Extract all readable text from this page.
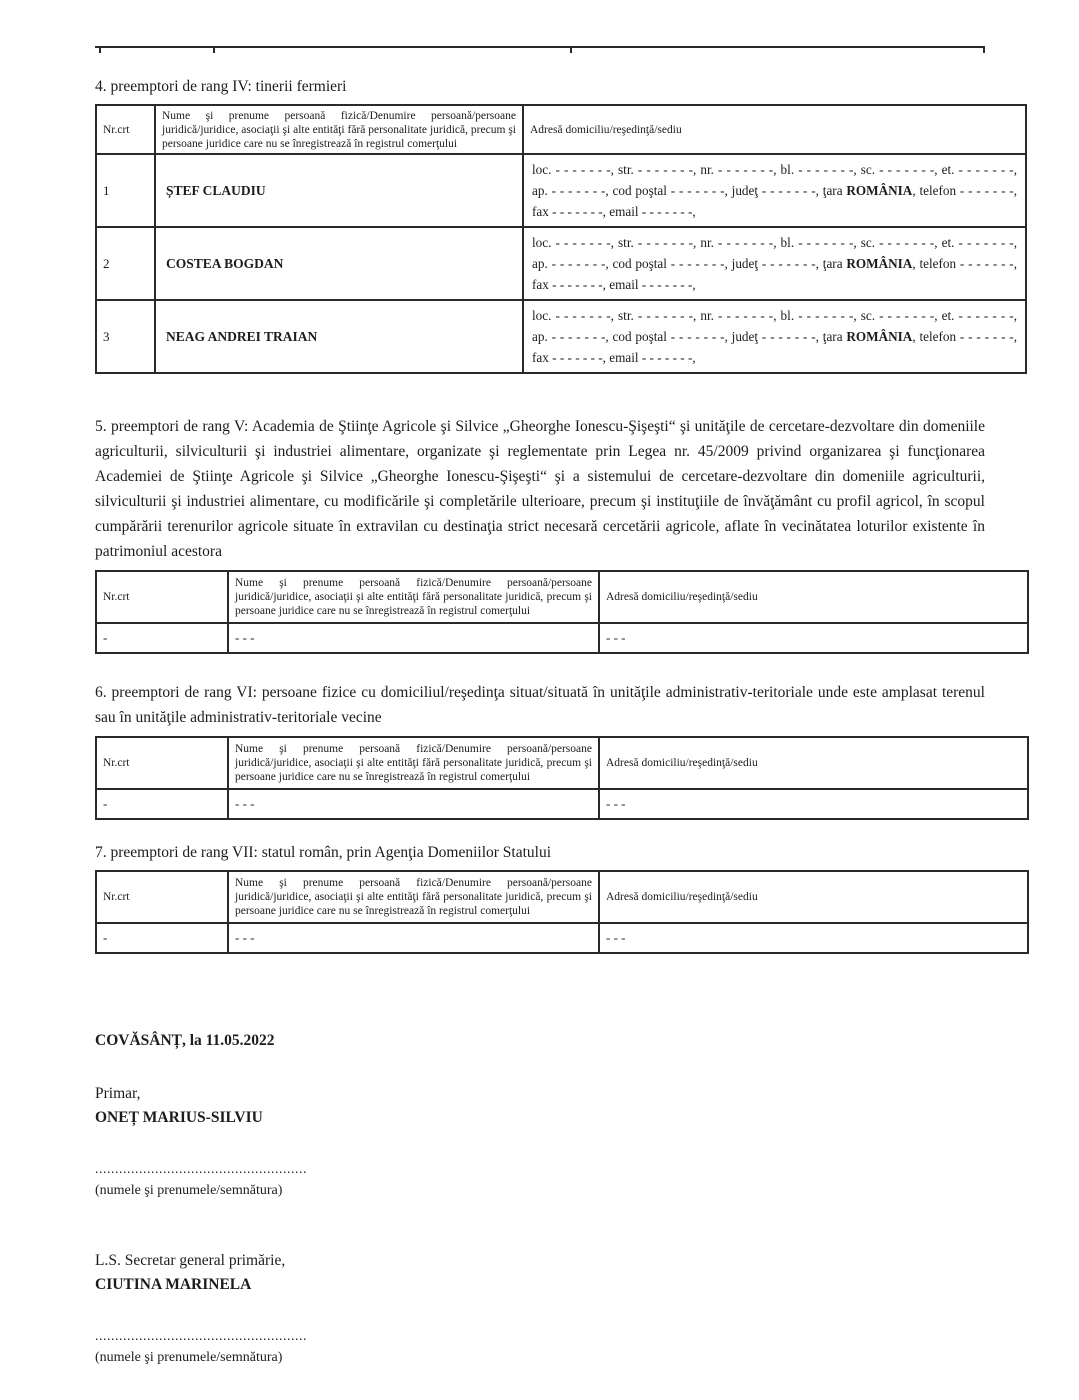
4. preemptori de rang IV: tinerii fermieri

Nr.crt	Nume şi prenume persoană fizică/Denumire persoană/persoane juridică/juridice, asociaţii şi alte entităţi fără personalitate juridică, precum şi persoane juridice care nu se înregistrează în registrul comerţului	Adresă domiciliu/reşedinţă/sediu
1	ȘTEF CLAUDIU	loc. - - - - - - -, str. - - - - - - -, nr. - - - - - - -, bl. - - - - - - -, sc. - - - - - - -, et. - - - - - - -,
ap. - - - - - - -, cod poştal - - - - - - -, judeţ - - - - - - -, ţara ROMÂNIA, telefon - - - - - - -,
fax - - - - - - -, email - - - - - - -,

2	COSTEA BOGDAN	loc. - - - - - - -, str. - - - - - - -, nr. - - - - - - -, bl. - - - - - - -, sc. - - - - - - -, et. - - - - - - -,
ap. - - - - - - -, cod poştal - - - - - - -, judeţ - - - - - - -, ţara ROMÂNIA, telefon - - - - - - -,
fax - - - - - - -, email - - - - - - -,

3	NEAG ANDREI TRAIAN	loc. - - - - - - -, str. - - - - - - -, nr. - - - - - - -, bl. - - - - - - -, sc. - - - - - - -, et. - - - - - - -,
ap. - - - - - - -, cod poştal - - - - - - -, judeţ - - - - - - -, ţara ROMÂNIA, telefon - - - - - - -,
fax - - - - - - -, email - - - - - - -,

5. preemptori de rang V: Academia de Ştiinţe Agricole şi Silvice „Gheorghe Ionescu-Şişeşti“ şi unităţile de cercetare-dezvoltare din domeniile agriculturii, silviculturii şi industriei alimentare, organizate şi reglementate prin Legea nr. 45/2009 privind organizarea şi funcţionarea Academiei de Ştiinţe Agricole şi Silvice „Gheorghe Ionescu-Şişeşti“ şi a sistemului de cercetare-dezvoltare din domeniile agriculturii, silviculturii şi industriei alimentare, cu modificările şi completările ulterioare, precum şi instituţiile de învăţământ cu profil agricol, în scopul cumpărării terenurilor agricole situate în extravilan cu destinaţia strict necesară cercetării agricole, aflate în vecinătatea loturilor existente în patrimoniul acestora

Nr.crt	Nume şi prenume persoană fizică/Denumire persoană/persoane juridică/juridice, asociaţii şi alte entităţi fără personalitate juridică, precum şi persoane juridice care nu se înregistrează în registrul comerţului	Adresă domiciliu/reşedinţă/sediu
-	- - -	- - -

6. preemptori de rang VI: persoane fizice cu domiciliul/reşedinţa situat/situată în unităţile administrativ-teritoriale unde este amplasat terenul sau în unităţile administrativ-teritoriale vecine

Nr.crt	Nume şi prenume persoană fizică/Denumire persoană/persoane juridică/juridice, asociaţii şi alte entităţi fără personalitate juridică, precum şi persoane juridice care nu se înregistrează în registrul comerţului	Adresă domiciliu/reşedinţă/sediu
-	- - -	- - -

7. preemptori de rang VII: statul român, prin Agenţia Domeniilor Statului

Nr.crt	Nume şi prenume persoană fizică/Denumire persoană/persoane juridică/juridice, asociaţii şi alte entităţi fără personalitate juridică, precum şi persoane juridice care nu se înregistrează în registrul comerţului	Adresă domiciliu/reşedinţă/sediu
-	- - -	- - -

COVĂSÂNȚ, la 11.05.2022

Primar,

ONEȚ MARIUS-SILVIU

.....................................................

(numele şi prenumele/semnătura)

L.S. Secretar general primărie,

CIUTINA MARINELA

.....................................................

(numele şi prenumele/semnătura)
